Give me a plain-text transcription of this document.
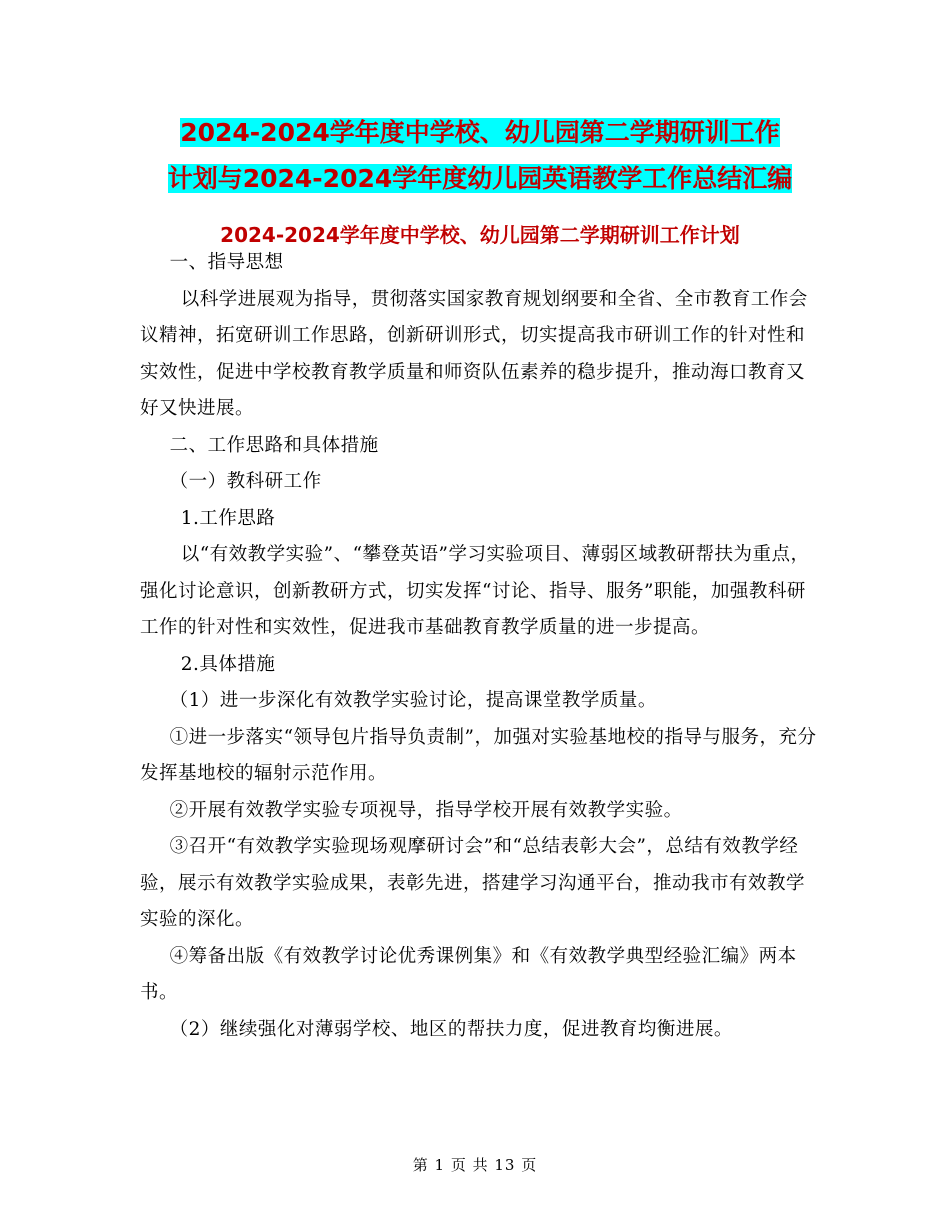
2024-2024学年度中学校、幼儿园第二学期研训工作
计划与2024-2024学年度幼儿园英语教学工作总结汇编
2024-2024学年度中学校、幼儿园第二学期研训工作计划

一、指导思想

以科学进展观为指导，贯彻落实国家教育规划纲要和全省、全市教育工作会议精神，拓宽研训工作思路，创新研训形式，切实提高我市研训工作的针对性和实效性，促进中学校教育教学质量和师资队伍素养的稳步提升，推动海口教育又好又快进展。

二、工作思路和具体措施

（一）教科研工作

1.工作思路

以“有效教学实验”、“攀登英语”学习实验项目、薄弱区域教研帮扶为重点，强化讨论意识，创新教研方式，切实发挥“讨论、指导、服务”职能，加强教科研工作的针对性和实效性，促进我市基础教育教学质量的进一步提高。

2.具体措施

（1）进一步深化有效教学实验讨论，提高课堂教学质量。

①进一步落实“领导包片指导负责制”，加强对实验基地校的指导与服务，充分发挥基地校的辐射示范作用。

②开展有效教学实验专项视导，指导学校开展有效教学实验。

③召开“有效教学实验现场观摩研讨会”和“总结表彰大会”，总结有效教学经验，展示有效教学实验成果，表彰先进，搭建学习沟通平台，推动我市有效教学实验的深化。

④筹备出版《有效教学讨论优秀课例集》和《有效教学典型经验汇编》两本书。

（2）继续强化对薄弱学校、地区的帮扶力度，促进教育均衡进展。

第 1 页 共 13 页
